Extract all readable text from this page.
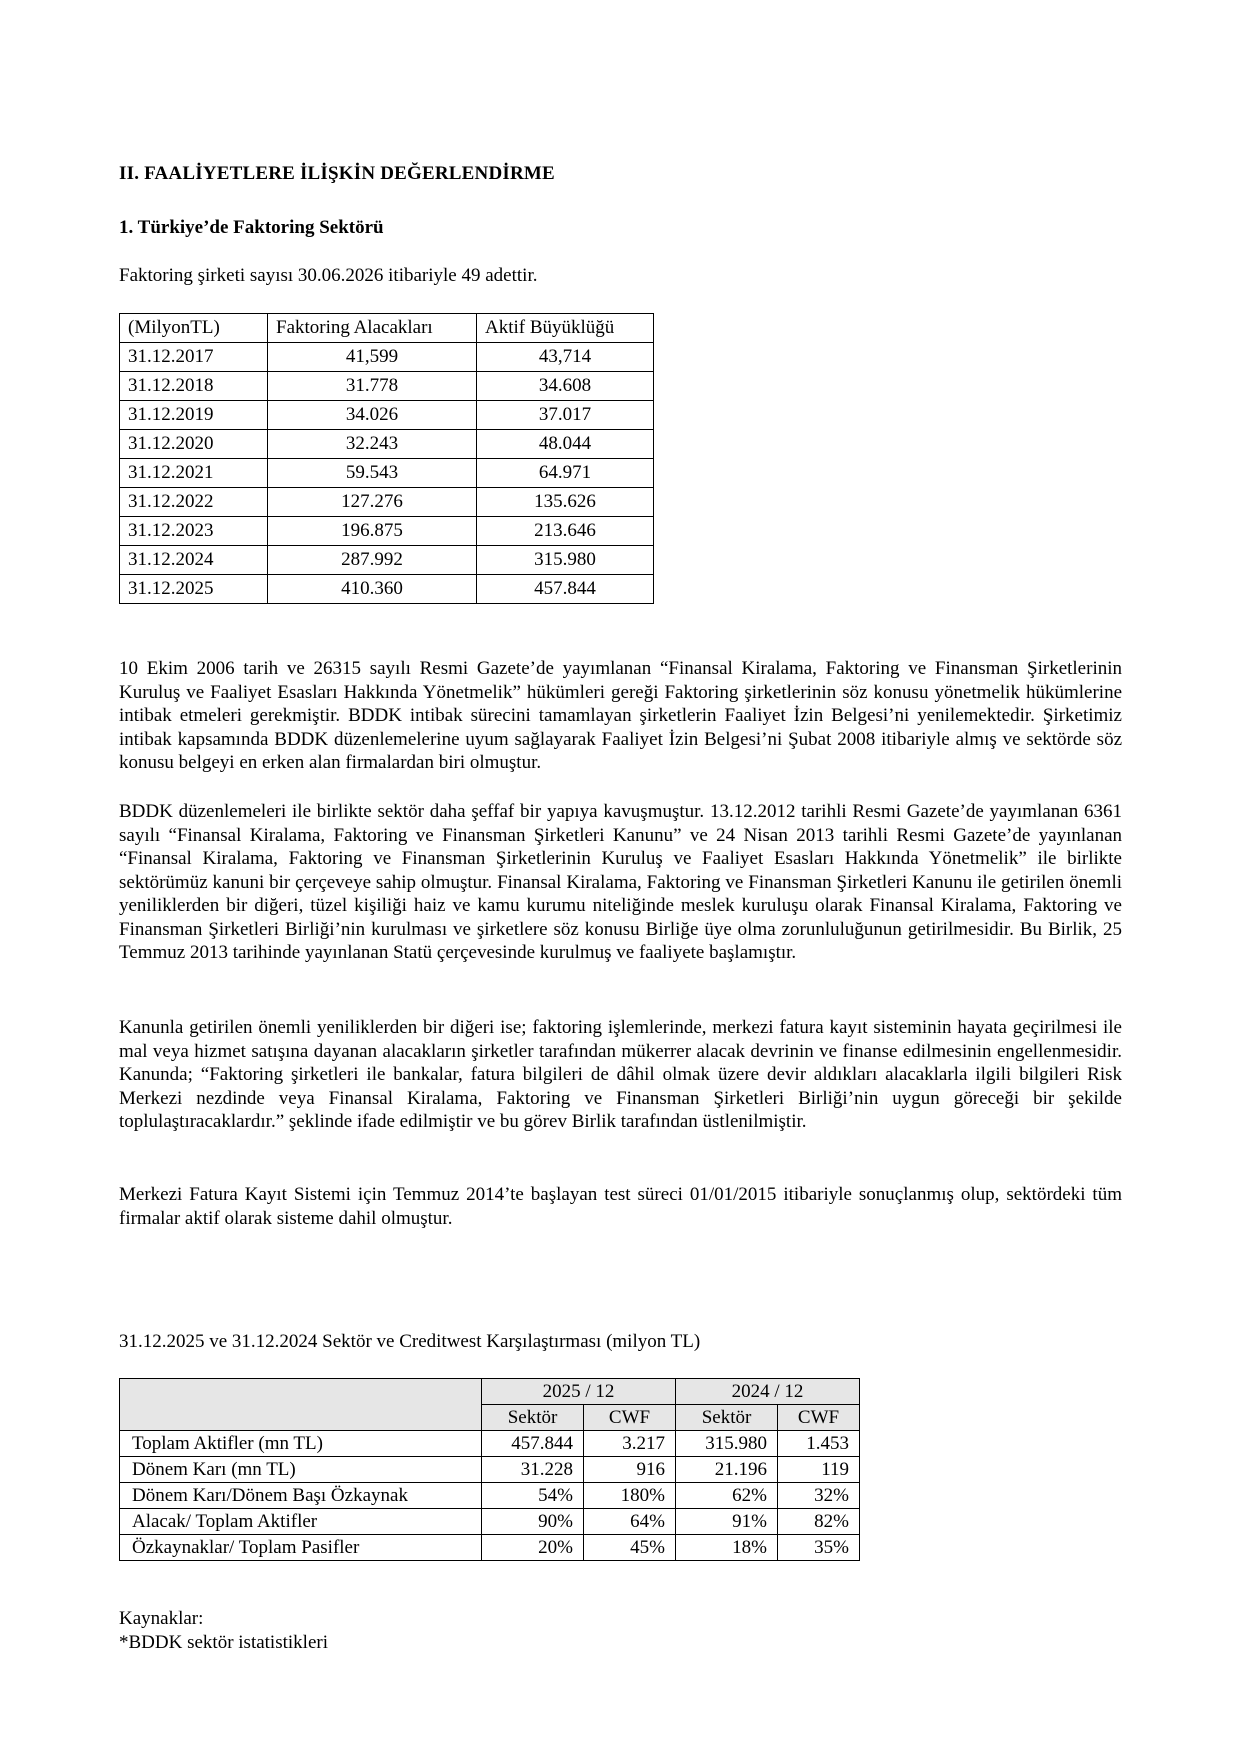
II. FAALİYETLERE İLİŞKİN DEĞERLENDİRME
1. Türkiye’de Faktoring Sektörü

Faktoring şirketi sayısı 30.06.2026 itibariyle 49 adettir.

(MilyonTL)	Faktoring Alacakları	Aktif Büyüklüğü
31.12.2017	41,599	43,714
31.12.2018	31.778	34.608
31.12.2019	34.026	37.017
31.12.2020	32.243	48.044
31.12.2021	59.543	64.971
31.12.2022	127.276	135.626
31.12.2023	196.875	213.646
31.12.2024	287.992	315.980
31.12.2025	410.360	457.844

10 Ekim 2006 tarih ve 26315 sayılı Resmi Gazete’de yayımlanan “Finansal Kiralama, Faktoring ve Finansman Şirketlerinin Kuruluş ve Faaliyet Esasları Hakkında Yönetmelik” hükümleri gereği Faktoring şirketlerinin söz konusu yönetmelik hükümlerine intibak etmeleri gerekmiştir. BDDK intibak sürecini tamamlayan şirketlerin Faaliyet İzin Belgesi’ni yenilemektedir. Şirketimiz intibak kapsamında BDDK düzenlemelerine uyum sağlayarak Faaliyet İzin Belgesi’ni Şubat 2008 itibariyle almış ve sektörde söz konusu belgeyi en erken alan firmalardan biri olmuştur.

BDDK düzenlemeleri ile birlikte sektör daha şeffaf bir yapıya kavuşmuştur. 13.12.2012 tarihli Resmi Gazete’de yayımlanan 6361 sayılı “Finansal Kiralama, Faktoring ve Finansman Şirketleri Kanunu” ve 24 Nisan 2013 tarihli Resmi Gazete’de yayınlanan “Finansal Kiralama, Faktoring ve Finansman Şirketlerinin Kuruluş ve Faaliyet Esasları Hakkında Yönetmelik” ile birlikte sektörümüz kanuni bir çerçeveye sahip olmuştur. Finansal Kiralama, Faktoring ve Finansman Şirketleri Kanunu ile getirilen önemli yeniliklerden bir diğeri, tüzel kişiliği haiz ve kamu kurumu niteliğinde meslek kuruluşu olarak Finansal Kiralama, Faktoring ve Finansman Şirketleri Birliği’nin kurulması ve şirketlere söz konusu Birliğe üye olma zorunluluğunun getirilmesidir. Bu Birlik, 25 Temmuz 2013 tarihinde yayınlanan Statü çerçevesinde kurulmuş ve faaliyete başlamıştır.

Kanunla getirilen önemli yeniliklerden bir diğeri ise; faktoring işlemlerinde, merkezi fatura kayıt sisteminin hayata geçirilmesi ile mal veya hizmet satışına dayanan alacakların şirketler tarafından mükerrer alacak devrinin ve finanse edilmesinin engellenmesidir. Kanunda; “Faktoring şirketleri ile bankalar, fatura bilgileri de dâhil olmak üzere devir aldıkları alacaklarla ilgili bilgileri Risk Merkezi nezdinde veya Finansal Kiralama, Faktoring ve Finansman Şirketleri Birliği’nin uygun göreceği bir şekilde toplulaştıracaklardır.” şeklinde ifade edilmiştir ve bu görev Birlik tarafından üstlenilmiştir.

Merkezi Fatura Kayıt Sistemi için Temmuz 2014’te başlayan test süreci 01/01/2015 itibariyle sonuçlanmış olup, sektördeki tüm firmalar aktif olarak sisteme dahil olmuştur.

31.12.2025 ve 31.12.2024 Sektör ve Creditwest Karşılaştırması (milyon TL)

	2025 / 12		2024 / 12	
	Sektör	CWF	Sektör	CWF
Toplam Aktifler (mn TL)	457.844	3.217	315.980	1.453
Dönem Karı (mn TL)	31.228	916	21.196	119
Dönem Karı/Dönem Başı Özkaynak	54%	180%	62%	32%
Alacak/ Toplam Aktifler	90%	64%	91%	82%
Özkaynaklar/ Toplam Pasifler	20%	45%	18%	35%
Kaynaklar:
*BDDK sektör istatistikleri
